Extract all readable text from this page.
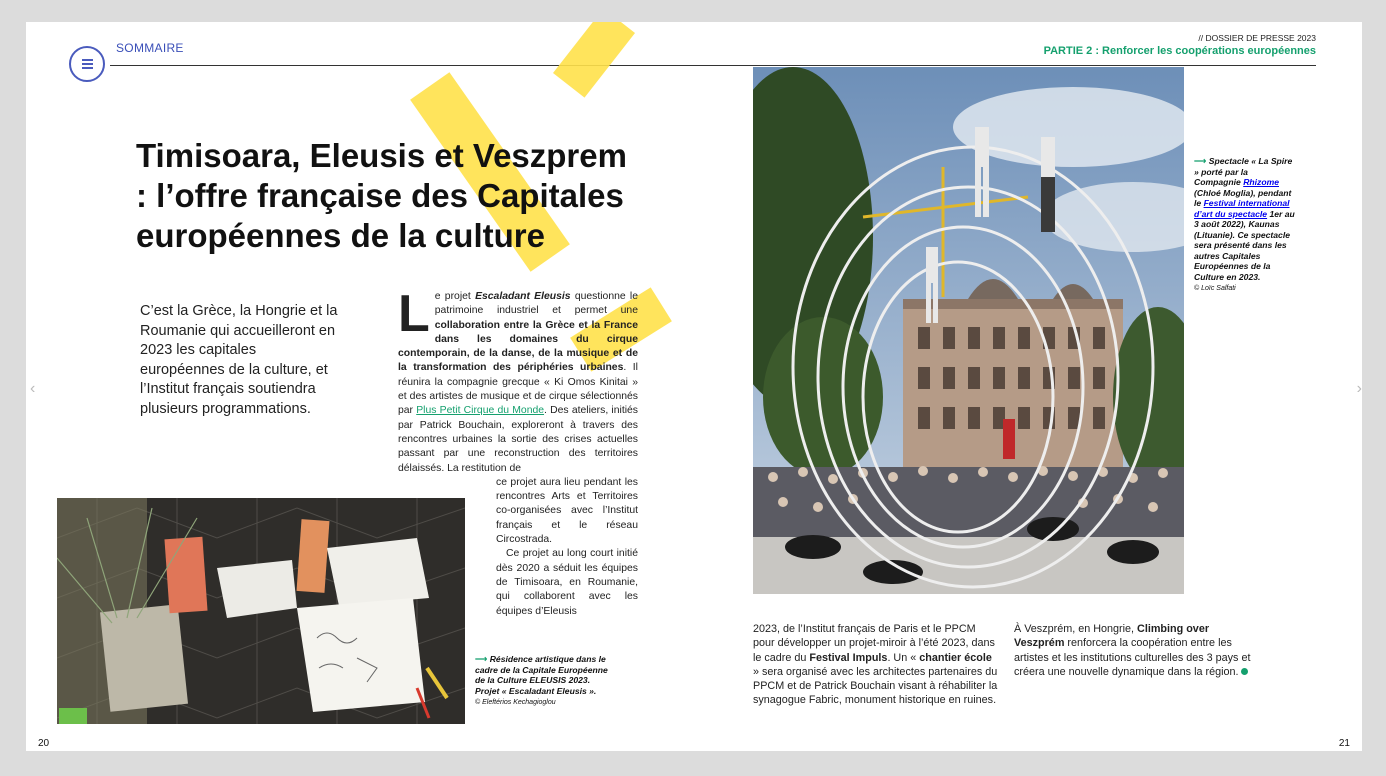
SOMMAIRE
// DOSSIER DE PRESSE 2023
PARTIE 2 : Renforcer les coopérations européennes
Timisoara, Eleusis et Veszprem : l’offre française des Capitales européennes de la culture
C’est la Grèce, la Hongrie et la Roumanie qui accueilleront en 2023 les capitales européennes de la culture, et l’Institut français soutiendra plusieurs programmations.
Le projet Escaladant Eleusis questionne le patrimoine industriel et permet une collaboration entre la Grèce et la France dans les domaines du cirque contemporain, de la danse, de la musique et de la transformation des périphéries urbaines. Il réunira la compagnie grecque « Ki Omos Kinitai » et des artistes de musique et de cirque sélectionnés par Plus Petit Cirque du Monde. Des ateliers, initiés par Patrick Bouchain, exploreront à travers des rencontres urbaines la sortie des crises actuelles passant par une reconstruction des territoires délaissés. La restitution de
ce projet aura lieu pendant les rencontres Arts et Territoires co-organisées avec l’Institut français et le réseau Circostrada.
Ce projet au long court initié dès 2020 a séduit les équipes de Timisoara, en Roumanie, qui collaborent avec les équipes d’Eleusis
⟶ Résidence artistique dans le cadre de la Capitale Européenne de la Culture ELEUSIS 2023. Projet « Escaladant Eleusis ».
© Eleftérios Kechagioglou
⟶ Spectacle « La Spire » porté par la Compagnie Rhizome (Chloé Moglia), pendant le Festival international d’art du spectacle 1er au 3 août 2022), Kaunas (Lituanie). Ce spectacle sera présenté dans les autres Capitales Européennes de la Culture en 2023.
© Loïc Salfati
2023, de l’Institut français de Paris et le PPCM pour développer un projet-miroir à l’été 2023, dans le cadre du Festival Impuls. Un « chantier école » sera organisé avec les architectes partenaires du PPCM et de Patrick Bouchain visant à réhabiliter la synagogue Fabric, monument historique en ruines.
À Veszprém, en Hongrie, Climbing over Veszprém renforcera la coopération entre les artistes et les institutions culturelles des 3 pays et créera une nouvelle dynamique dans la région.
20	21
‹	›
